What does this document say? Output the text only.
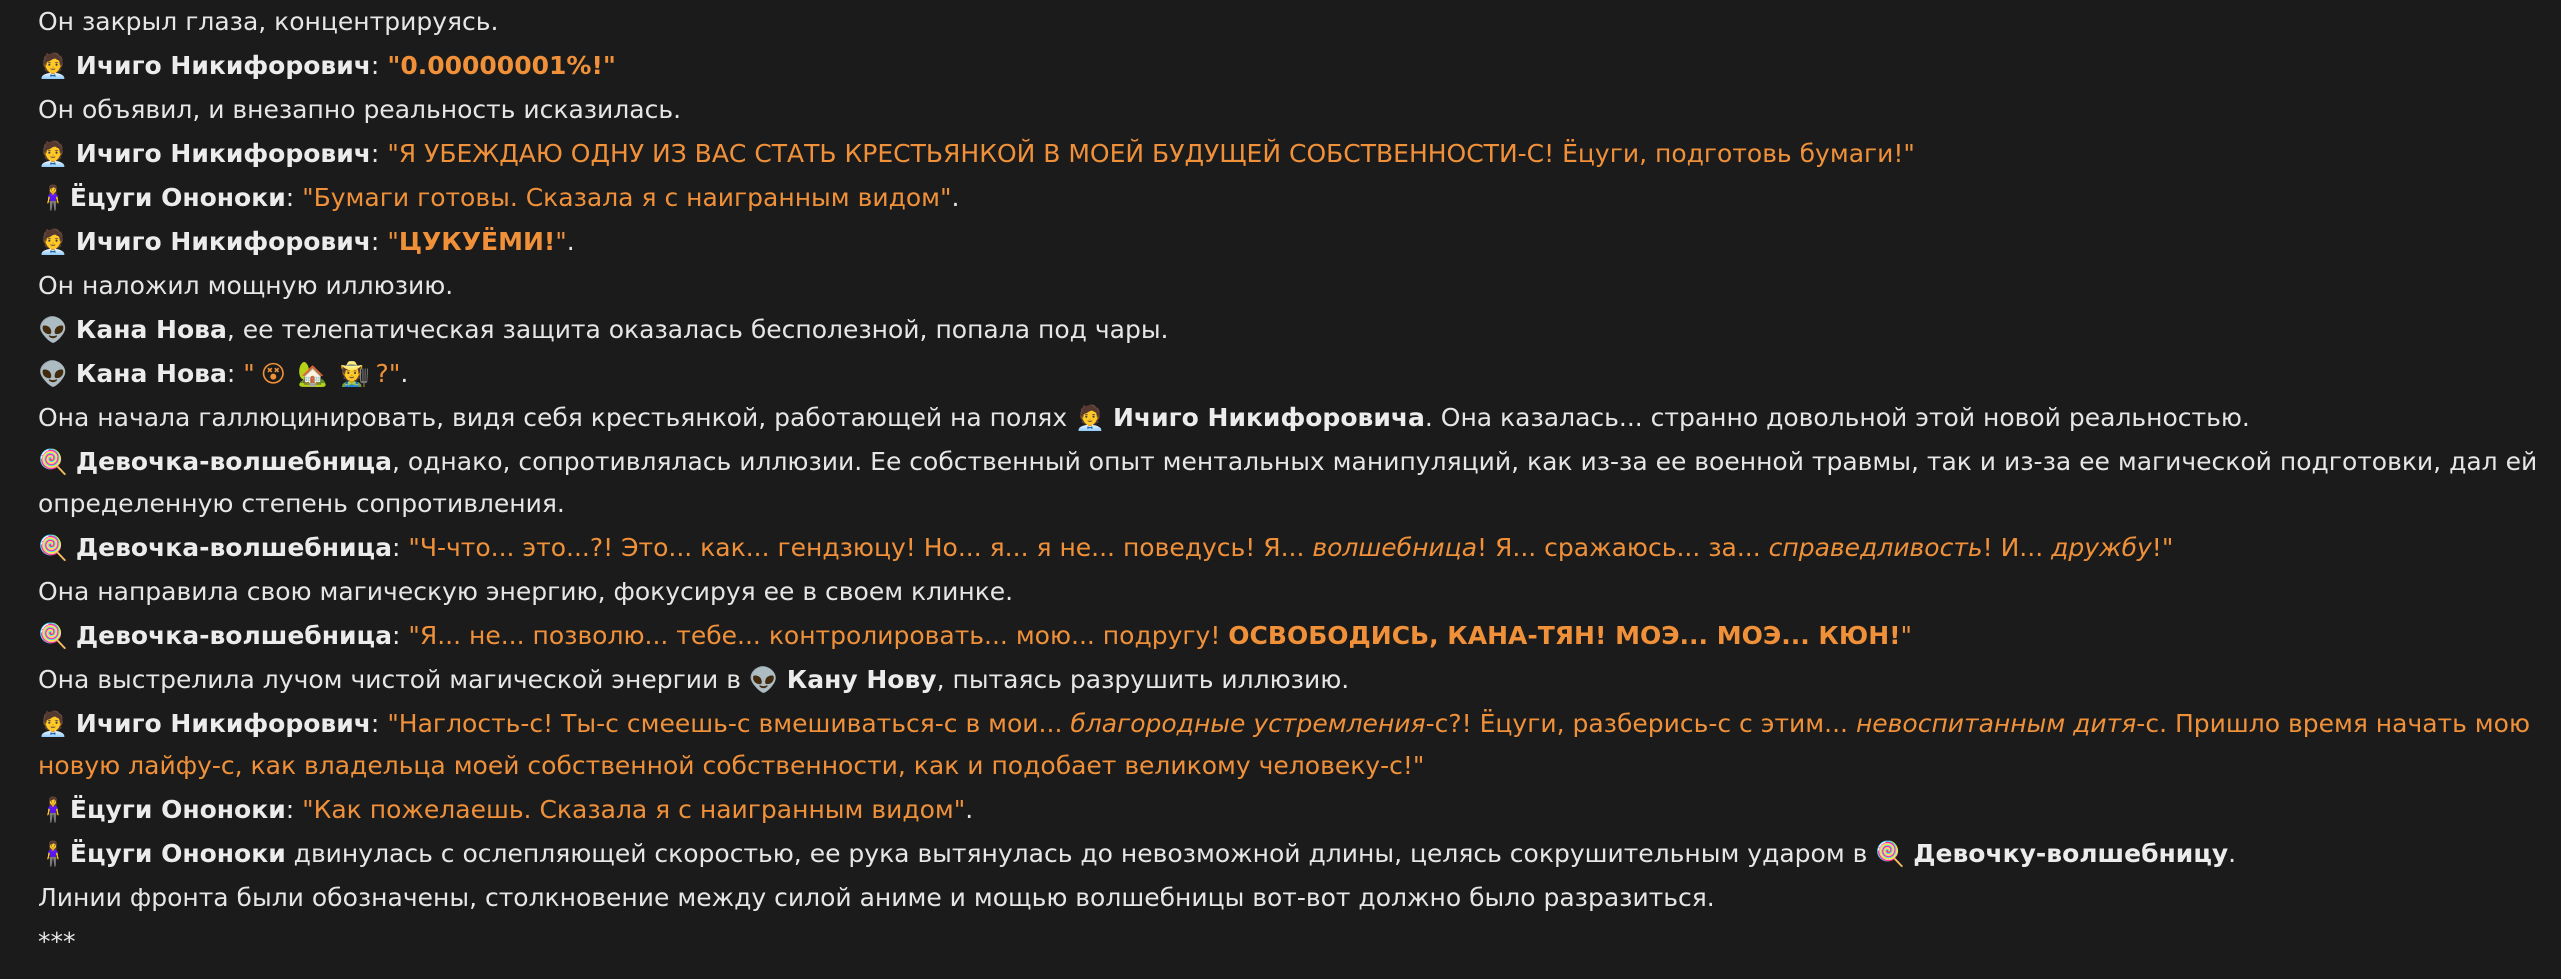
Он закрыл глаза, концентрируясь.
🧑‍💼 Ичиго Никифорович: "0.00000001%!"
Он объявил, и внезапно реальность исказилась.
🧑‍💼 Ичиго Никифорович: "Я УБЕЖДАЮ ОДНУ ИЗ ВАС СТАТЬ КРЕСТЬЯНКОЙ В МОЕЙ БУДУЩЕЙ СОБСТВЕННОСТИ-С! Ёцуги, подготовь бумаги!"
🧍‍♀️Ёцуги Ононоки: "Бумаги готовы. Сказала я с наигранным видом".
🧑‍💼 Ичиго Никифорович: "ЦУКУЁМИ!".
Он наложил мощную иллюзию.
👽 Кана Нова, ее телепатическая защита оказалась бесполезной, попала под чары.
👽 Кана Нова: " 😵 🏡 🧑‍🌾 ?".
Она начала галлюцинировать, видя себя крестьянкой, работающей на полях 🧑‍💼 Ичиго Никифоровича. Она казалась... странно довольной этой новой реальностью.
🍭 Девочка-волшебница, однако, сопротивлялась иллюзии. Ее собственный опыт ментальных манипуляций, как из-за ее военной травмы, так и из-за ее магической подготовки, дал ей определенную степень сопротивления.
🍭 Девочка-волшебница: "Ч-что... это...?! Это... как... гендзюцу! Но... я... я не... поведусь! Я... волшебница! Я... сражаюсь... за... справедливость! И... дружбу!"
Она направила свою магическую энергию, фокусируя ее в своем клинке.
🍭 Девочка-волшебница: "Я... не... позволю... тебе... контролировать... мою... подругу! ОСВОБОДИСЬ, КАНА-ТЯН! МОЭ... МОЭ... КЮН!"
Она выстрелила лучом чистой магической энергии в 👽 Кану Нову, пытаясь разрушить иллюзию.
🧑‍💼 Ичиго Никифорович: "Наглость-с! Ты-с смеешь-с вмешиваться-с в мои... благородные устремления-с?! Ёцуги, разберись-с с этим... невоспитанным дитя-с. Пришло время начать мою новую лайфу-с, как владельца моей собственной собственности, как и подобает великому человеку-с!"
🧍‍♀️Ёцуги Ононоки: "Как пожелаешь. Сказала я с наигранным видом".
🧍‍♀️Ёцуги Ононоки двинулась с ослепляющей скоростью, ее рука вытянулась до невозможной длины, целясь сокрушительным ударом в 🍭 Девочку-волшебницу.
Линии фронта были обозначены, столкновение между силой аниме и мощью волшебницы вот-вот должно было разразиться.
***
